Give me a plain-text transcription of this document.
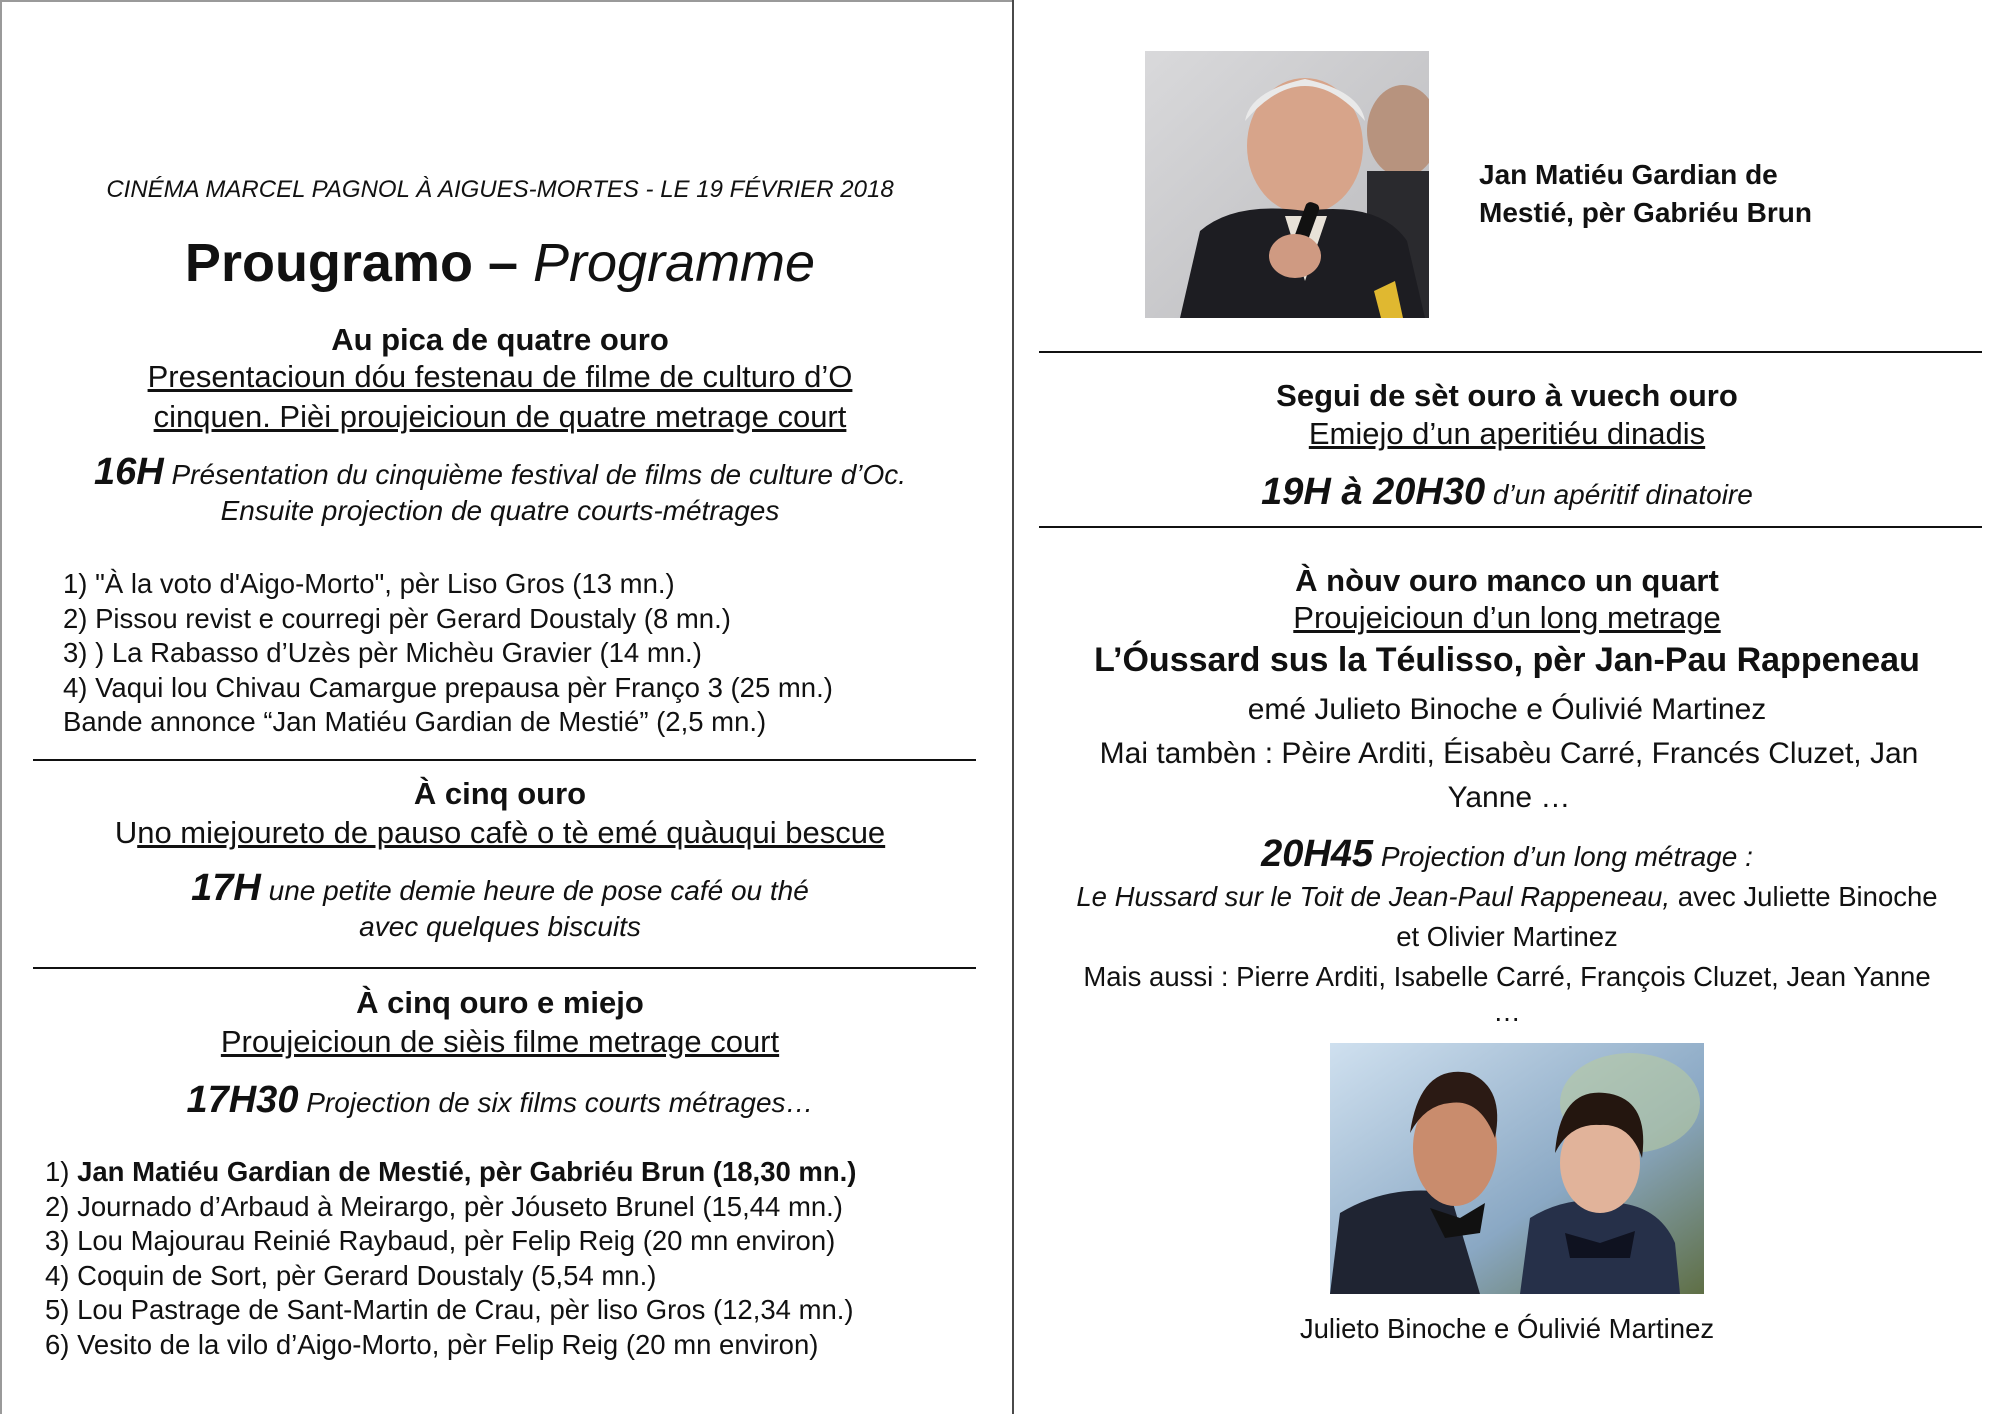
CINÉMA MARCEL PAGNOL À AIGUES-MORTES - LE 19 FÉVRIER 2018
Prougramo – Programme
Au pica de quatre ouro
Presentacioun dóu festenau de filme de culturo d’O
cinquen. Pièi proujeicioun de quatre metrage court
16H Présentation du cinquième festival de films de culture d’Oc.
Ensuite projection de quatre courts-métrages
1) "À la voto d'Aigo-Morto", pèr Liso Gros (13 mn.)
2) Pissou revist e courregi pèr Gerard Doustaly (8 mn.)
3) ) La Rabasso d’Uzès pèr Michèu Gravier (14 mn.)
4) Vaqui lou Chivau Camargue prepausa pèr Franço 3 (25 mn.)
Bande annonce “Jan Matiéu Gardian de Mestié” (2,5 mn.)
À cinq ouro
Uno miejoureto de pauso cafè o tè emé quàuqui bescue
17H une petite demie heure de pose café ou thé
avec quelques biscuits
À cinq ouro e miejo
Proujeicioun de sièis filme metrage court
17H30 Projection de six films courts métrages…
1) Jan Matiéu Gardian de Mestié, pèr Gabriéu Brun (18,30 mn.)
2) Journado d’Arbaud à Meirargo, pèr Jóuseto Brunel (15,44 mn.)
3) Lou Majourau Reinié Raybaud, pèr Felip Reig (20 mn environ)
4) Coquin de Sort, pèr Gerard Doustaly (5,54 mn.)
5) Lou Pastrage de Sant-Martin de Crau, pèr liso Gros (12,34 mn.)
6) Vesito de la vilo d’Aigo-Morto, pèr Felip Reig (20 mn environ)
Jan Matiéu Gardian de
Mestié, pèr Gabriéu Brun
Segui de sèt ouro à vuech ouro
Emiejo d’un aperitiéu dinadis
19H à 20H30 d’un apéritif dinatoire
À nòuv ouro manco un quart
Proujeicioun d’un long metrage
L’Óussard sus la Téulisso, pèr Jan-Pau Rappeneau
emé Julieto Binoche e Óulivié Martinez
Mai tambèn : Pèire Arditi, Éisabèu Carré, Francés Cluzet, Jan
Yanne …
20H45 Projection d’un long métrage :
Le Hussard sur le Toit de Jean-Paul Rappeneau, avec Juliette Binoche
et Olivier Martinez
Mais aussi : Pierre Arditi, Isabelle Carré, François Cluzet, Jean Yanne
…
Julieto Binoche e Óulivié Martinez
